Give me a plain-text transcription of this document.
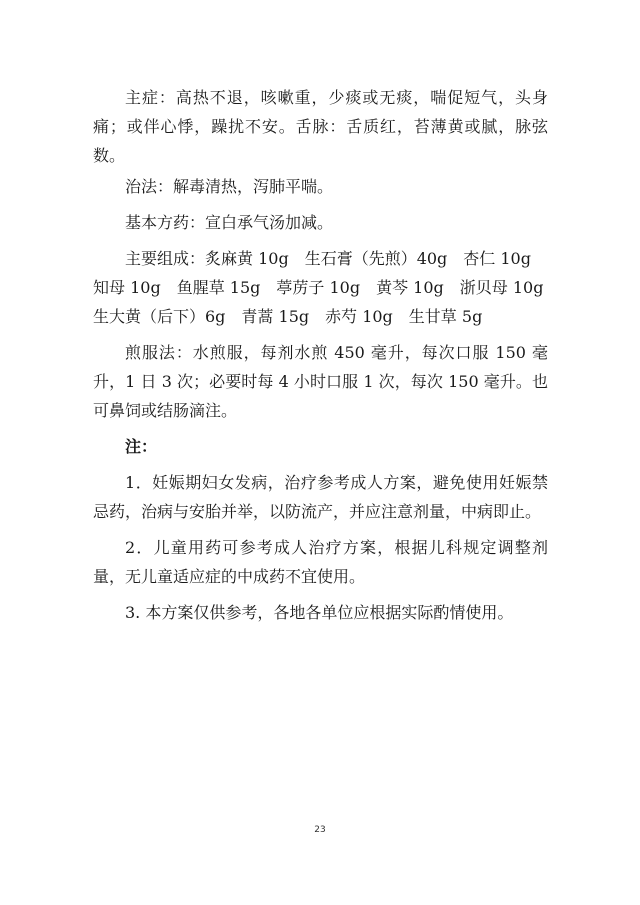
主症：高热不退，咳嗽重，少痰或无痰，喘促短气，头身痛；或伴心悸，躁扰不安。舌脉：舌质红，苔薄黄或腻，脉弦数。

治法：解毒清热，泻肺平喘。

基本方药：宣白承气汤加减。

主要组成：炙麻黄 10g　生石膏（先煎）40g　杏仁 10g
知母 10g　鱼腥草 15g　葶苈子 10g　黄芩 10g　浙贝母 10g
生大黄（后下）6g　青蒿 15g　赤芍 10g　生甘草 5g

煎服法：水煎服，每剂水煎 450 毫升，每次口服 150 毫升，1 日 3 次；必要时每 4 小时口服 1 次，每次 150 毫升。也可鼻饲或结肠滴注。

注：

1．妊娠期妇女发病，治疗参考成人方案，避免使用妊娠禁忌药，治病与安胎并举，以防流产，并应注意剂量，中病即止。

2．儿童用药可参考成人治疗方案，根据儿科规定调整剂量，无儿童适应症的中成药不宜使用。

3. 本方案仅供参考，各地各单位应根据实际酌情使用。

23
